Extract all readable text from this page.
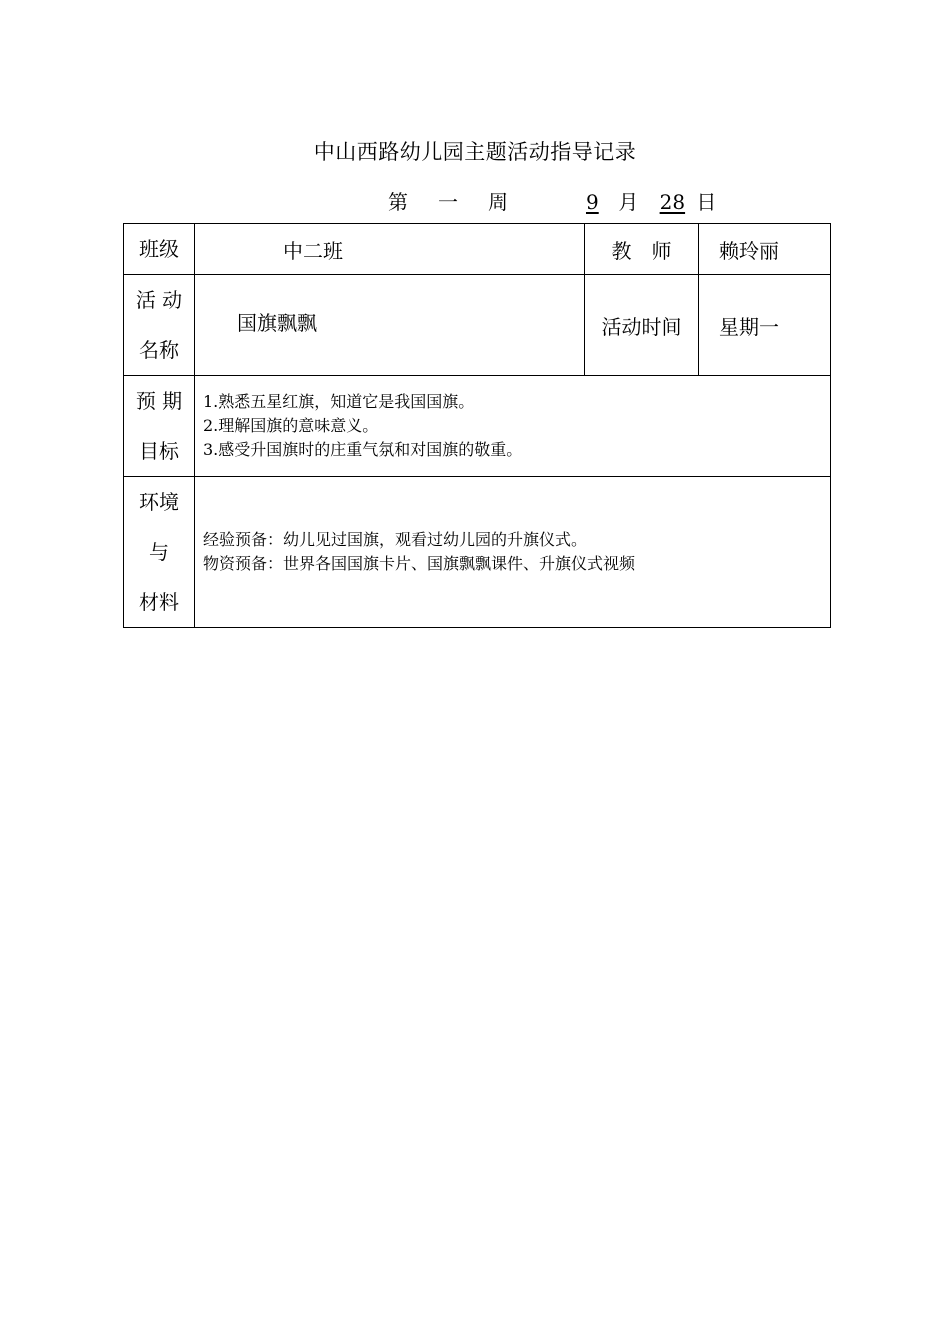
中山西路幼儿园主题活动指导记录
第 一 周	9 月 28 日
班级	中二班	教　师	赖玲丽

活 动
名称	国旗飘飘	活动时间	星期一

预 期
目标	1.熟悉五星红旗，知道它是我国国旗。
2.理解国旗的意味意义。
3.感受升国旗时的庄重气氛和对国旗的敬重。		

环境
与
材料	经验预备：幼儿见过国旗，观看过幼儿园的升旗仪式。
物资预备：世界各国国旗卡片、国旗飘飘课件、升旗仪式视频		
